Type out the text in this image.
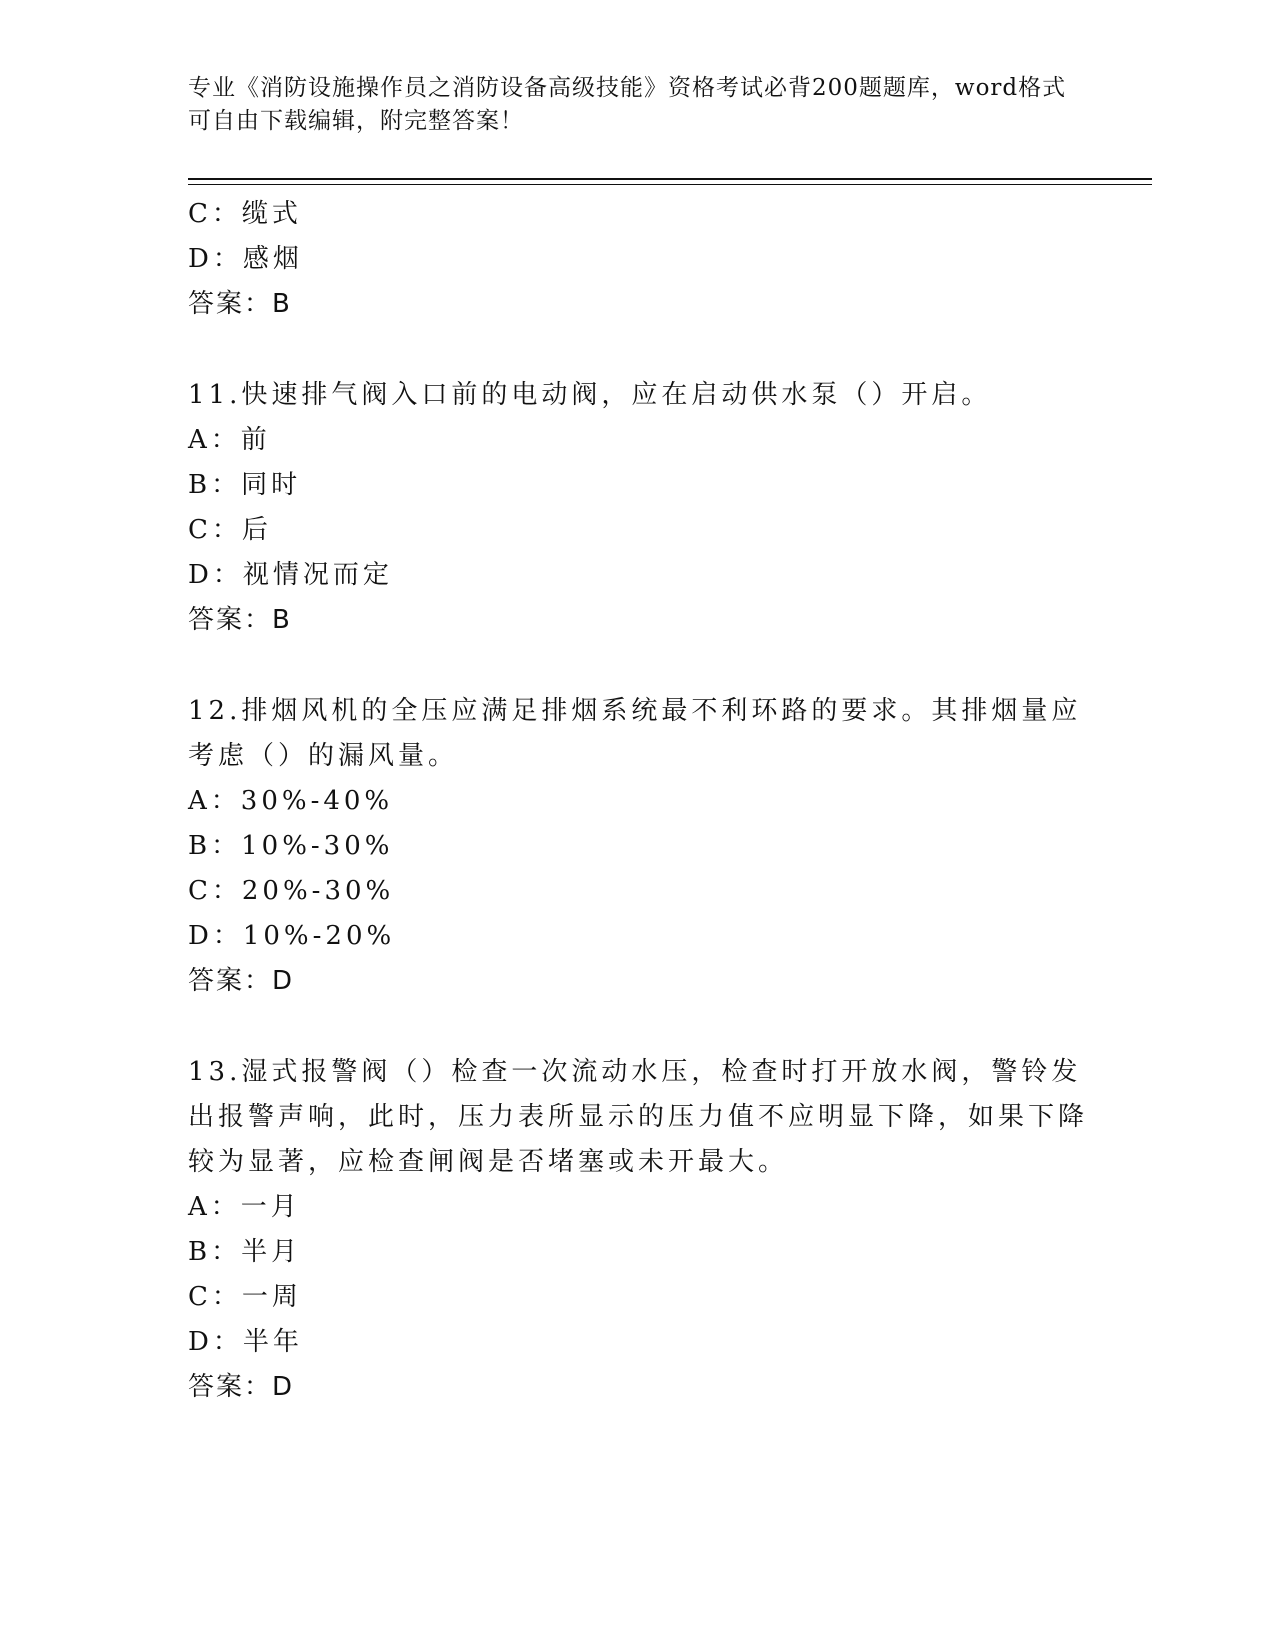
专业《消防设施操作员之消防设备高级技能》资格考试必背200题题库，word格式可自由下载编辑，附完整答案！
C：缆式
D：感烟
答案：B
11.快速排气阀入口前的电动阀，应在启动供水泵（）开启。
A：前
B：同时
C：后
D：视情况而定
答案：B
12.排烟风机的全压应满足排烟系统最不利环路的要求。其排烟量应考虑（）的漏风量。
A：30%-40%
B：10%-30%
C：20%-30%
D：10%-20%
答案：D
13.湿式报警阀（）检查一次流动水压，检查时打开放水阀，警铃发出报警声响，此时，压力表所显示的压力值不应明显下降，如果下降较为显著，应检查闸阀是否堵塞或未开最大。
A：一月
B：半月
C：一周
D：半年
答案：D
